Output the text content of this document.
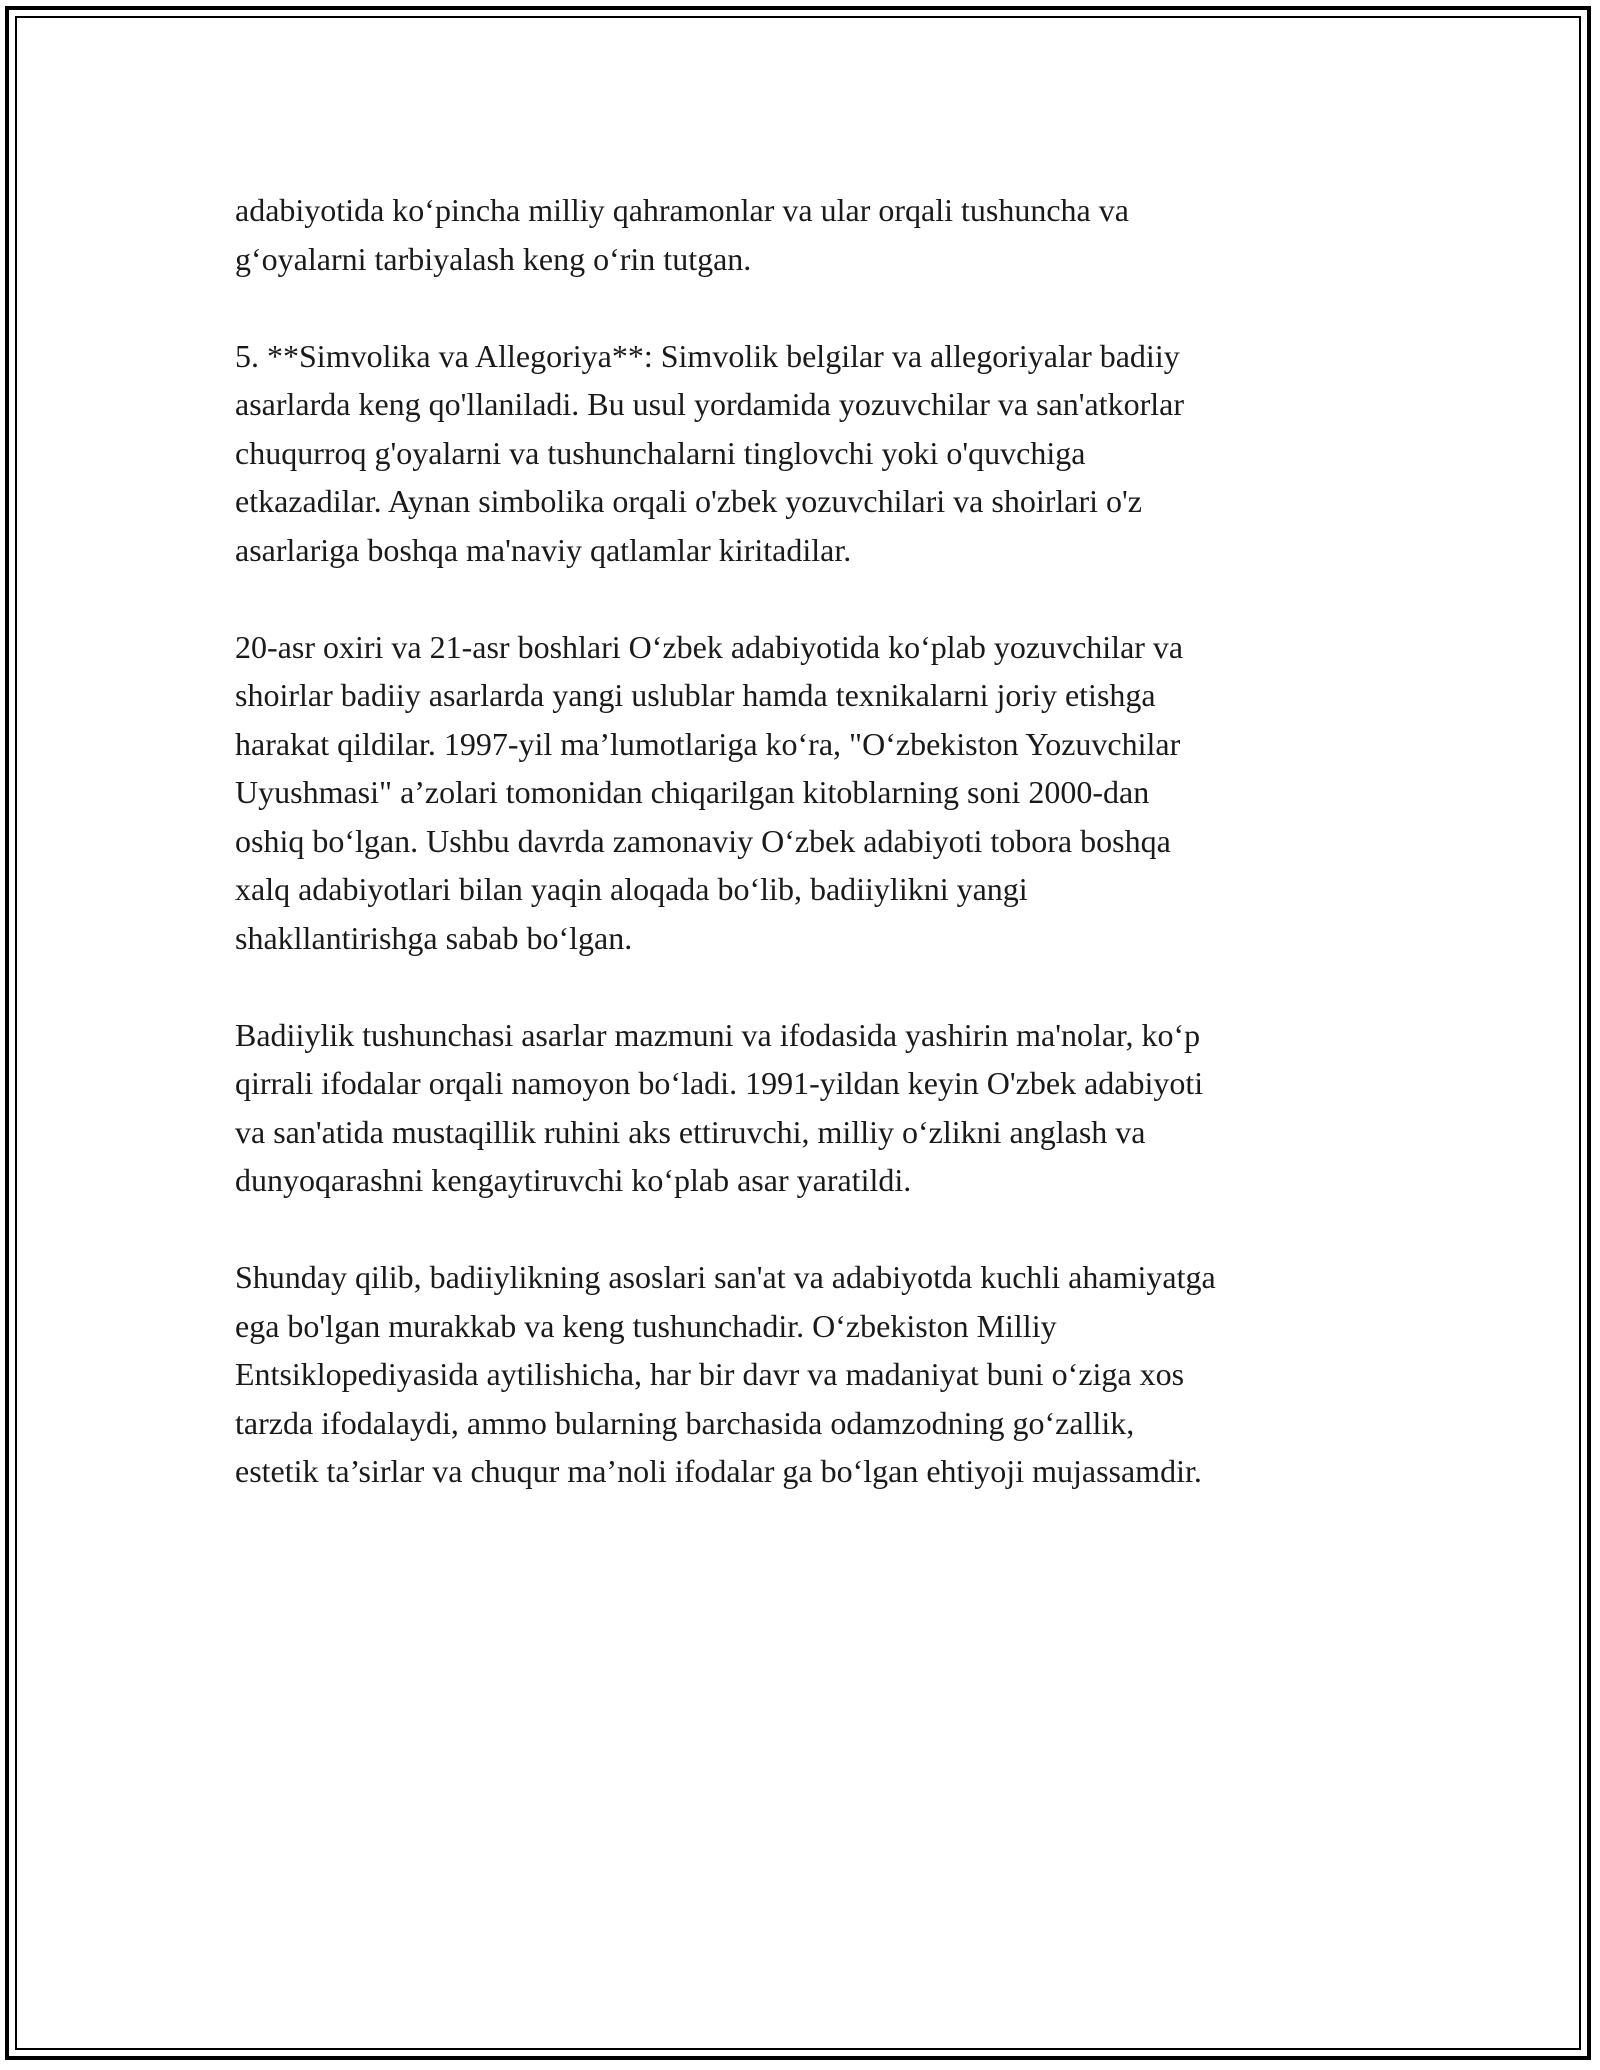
adabiyotida ko‘pincha milliy qahramonlar va ular orqali tushuncha va
g‘oyalarni tarbiyalash keng o‘rin tutgan.

5. **Simvolika va Allegoriya**: Simvolik belgilar va allegoriyalar badiiy
asarlarda keng qo'llaniladi. Bu usul yordamida yozuvchilar va san'atkorlar
chuqurroq g'oyalarni va tushunchalarni tinglovchi yoki o'quvchiga
etkazadilar. Aynan simbolika orqali o'zbek yozuvchilari va shoirlari o'z
asarlariga boshqa ma'naviy qatlamlar kiritadilar.

20-asr oxiri va 21-asr boshlari O‘zbek adabiyotida ko‘plab yozuvchilar va
shoirlar badiiy asarlarda yangi uslublar hamda texnikalarni joriy etishga
harakat qildilar. 1997-yil ma’lumotlariga ko‘ra, "O‘zbekiston Yozuvchilar
Uyushmasi" a’zolari tomonidan chiqarilgan kitoblarning soni 2000-dan
oshiq bo‘lgan. Ushbu davrda zamonaviy O‘zbek adabiyoti tobora boshqa
xalq adabiyotlari bilan yaqin aloqada bo‘lib, badiiylikni yangi
shakllantirishga sabab bo‘lgan.

Badiiylik tushunchasi asarlar mazmuni va ifodasida yashirin ma'nolar, ko‘p
qirrali ifodalar orqali namoyon bo‘ladi. 1991-yildan keyin O'zbek adabiyoti
va san'atida mustaqillik ruhini aks ettiruvchi, milliy o‘zlikni anglash va
dunyoqarashni kengaytiruvchi ko‘plab asar yaratildi.

Shunday qilib, badiiylikning asoslari san'at va adabiyotda kuchli ahamiyatga
ega bo'lgan murakkab va keng tushunchadir. O‘zbekiston Milliy
Entsiklopediyasida aytilishicha, har bir davr va madaniyat buni o‘ziga xos
tarzda ifodalaydi, ammo bularning barchasida odamzodning go‘zallik,
estetik ta’sirlar va chuqur ma’noli ifodalar ga bo‘lgan ehtiyoji mujassamdir.
